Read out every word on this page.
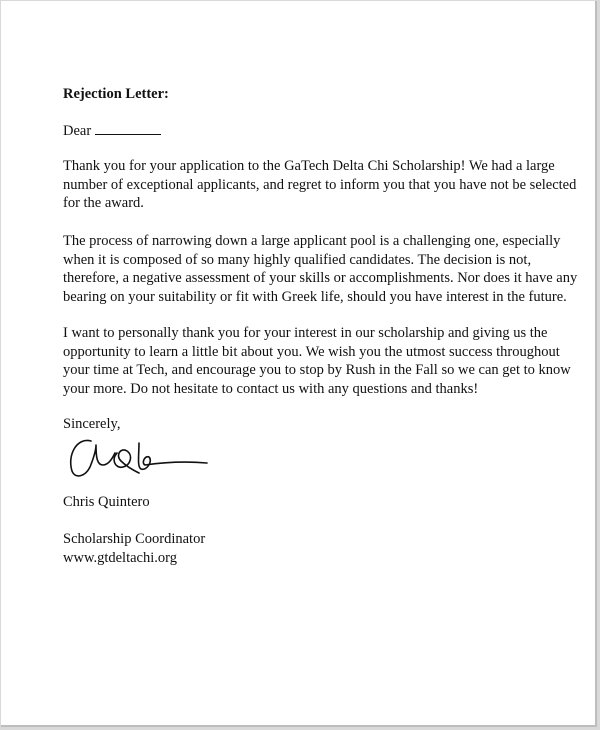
Rejection Letter:

Dear

Thank you for your application to the GaTech Delta Chi Scholarship! We had a large
number of exceptional applicants, and regret to inform you that you have not be selected
for the award.

The process of narrowing down a large applicant pool is a challenging one, especially
when it is composed of so many highly qualified candidates. The decision is not,
therefore, a negative assessment of your skills or accomplishments. Nor does it have any
bearing on your suitability or fit with Greek life, should you have interest in the future.

I want to personally thank you for your interest in our scholarship and giving us the
opportunity to learn a little bit about you. We wish you the utmost success throughout
your time at Tech, and encourage you to stop by Rush in the Fall so we can get to know
your more. Do not hesitate to contact us with any questions and thanks!

Sincerely,

Chris Quintero

Scholarship Coordinator

www.gtdeltachi.org
